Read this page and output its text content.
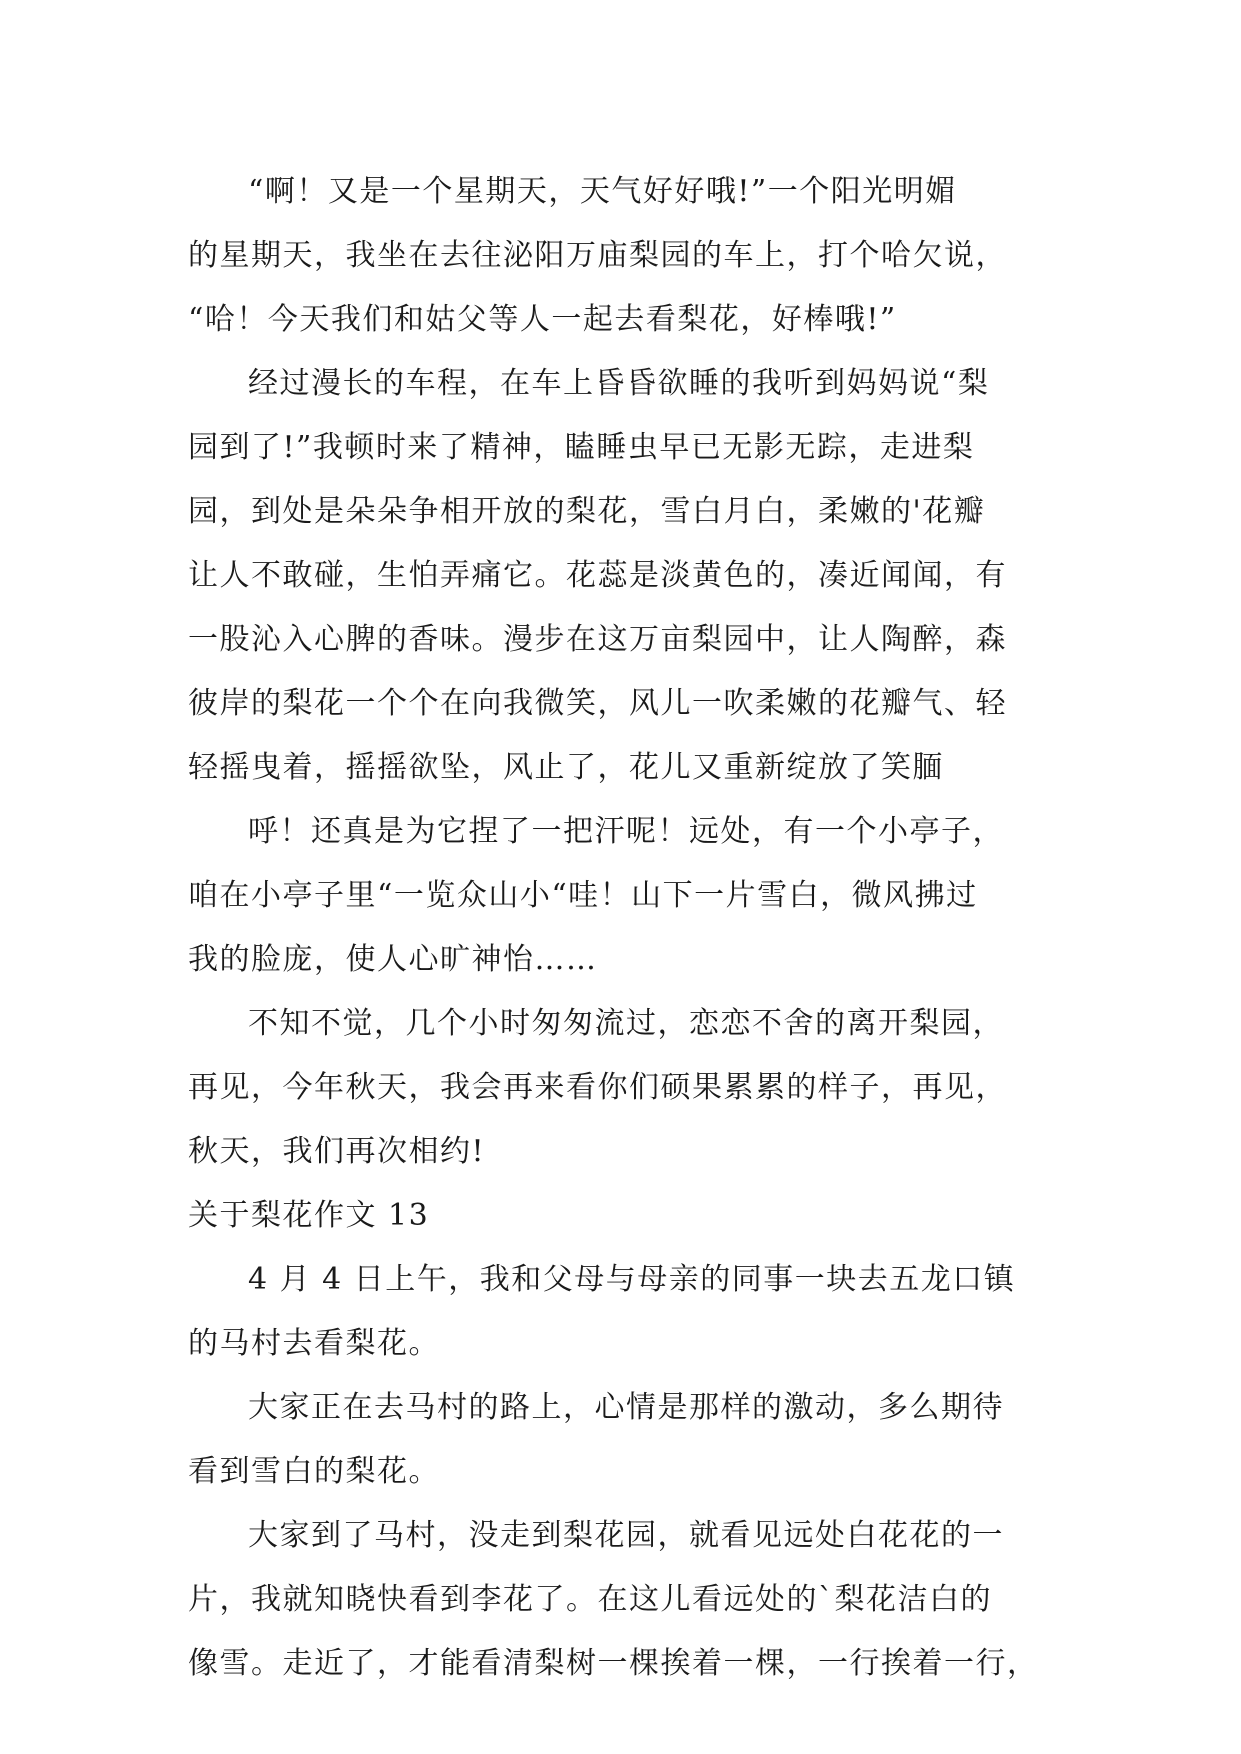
“啊！又是一个星期天，天气好好哦!”一个阳光明媚
的星期天，我坐在去往泌阳万庙梨园的车上，打个哈欠说，
“哈！今天我们和姑父等人一起去看梨花，好棒哦!”

经过漫长的车程，在车上昏昏欲睡的我听到妈妈说“梨
园到了!”我顿时来了精神，瞌睡虫早已无影无踪，走进梨
园，到处是朵朵争相开放的梨花，雪白月白，柔嫩的'花瓣
让人不敢碰，生怕弄痛它。花蕊是淡黄色的，凑近闻闻，有
一股沁入心脾的香味。漫步在这万亩梨园中，让人陶醉，森
彼岸的梨花一个个在向我微笑，风儿一吹柔嫩的花瓣气、轻
轻摇曳着，摇摇欲坠，风止了，花儿又重新绽放了笑腼

呼！还真是为它捏了一把汗呢！远处，有一个小亭子，
咱在小亭子里“一览众山小“哇！山下一片雪白，微风拂过
我的脸庞，使人心旷神怡……

不知不觉，几个小时匆匆流过，恋恋不舍的离开梨园，
再见，今年秋天，我会再来看你们硕果累累的样子，再见，
秋天，我们再次相约!

关于梨花作文 13

4 月 4 日上午，我和父母与母亲的同事一块去五龙口镇
的马村去看梨花。

大家正在去马村的路上，心情是那样的激动，多么期待
看到雪白的梨花。

大家到了马村，没走到梨花园，就看见远处白花花的一
片，我就知晓快看到李花了。在这儿看远处的`梨花洁白的
像雪。走近了，才能看清梨树一棵挨着一棵，一行挨着一行，
